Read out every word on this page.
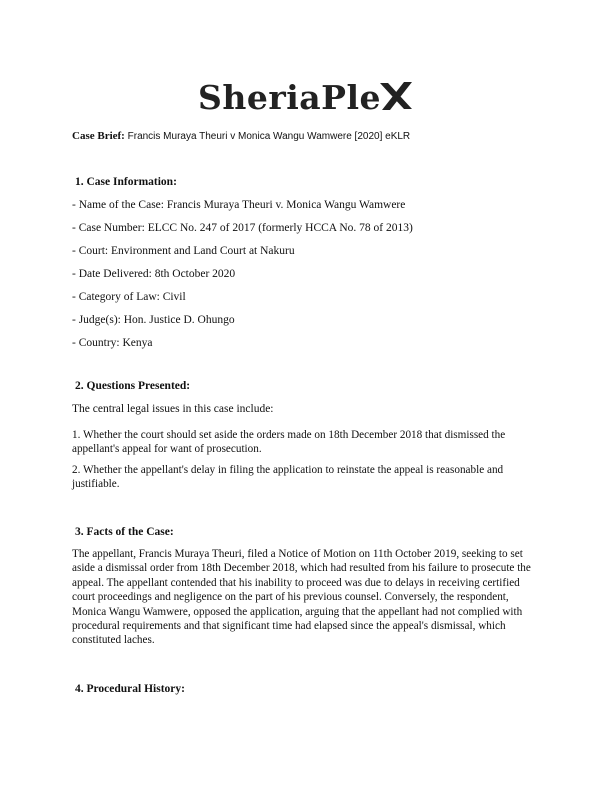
SheriaPle
Case Brief: Francis Muraya Theuri v Monica Wangu Wamwere [2020] eKLR
1. Case Information:
- Name of the Case: Francis Muraya Theuri v. Monica Wangu Wamwere
- Case Number: ELCC No. 247 of 2017 (formerly HCCA No. 78 of 2013)
- Court: Environment and Land Court at Nakuru
- Date Delivered: 8th October 2020
- Category of Law: Civil
- Judge(s): Hon. Justice D. Ohungo
- Country: Kenya
2. Questions Presented:
The central legal issues in this case include:
1. Whether the court should set aside the orders made on 18th December 2018 that dismissed the appellant's appeal for want of prosecution.
2. Whether the appellant's delay in filing the application to reinstate the appeal is reasonable and justifiable.
3. Facts of the Case:
The appellant, Francis Muraya Theuri, filed a Notice of Motion on 11th October 2019, seeking to set aside a dismissal order from 18th December 2018, which had resulted from his failure to prosecute the appeal. The appellant contended that his inability to proceed was due to delays in receiving certified court proceedings and negligence on the part of his previous counsel. Conversely, the respondent, Monica Wangu Wamwere, opposed the application, arguing that the appellant had not complied with procedural requirements and that significant time had elapsed since the appeal's dismissal, which constituted laches.
4. Procedural History:
